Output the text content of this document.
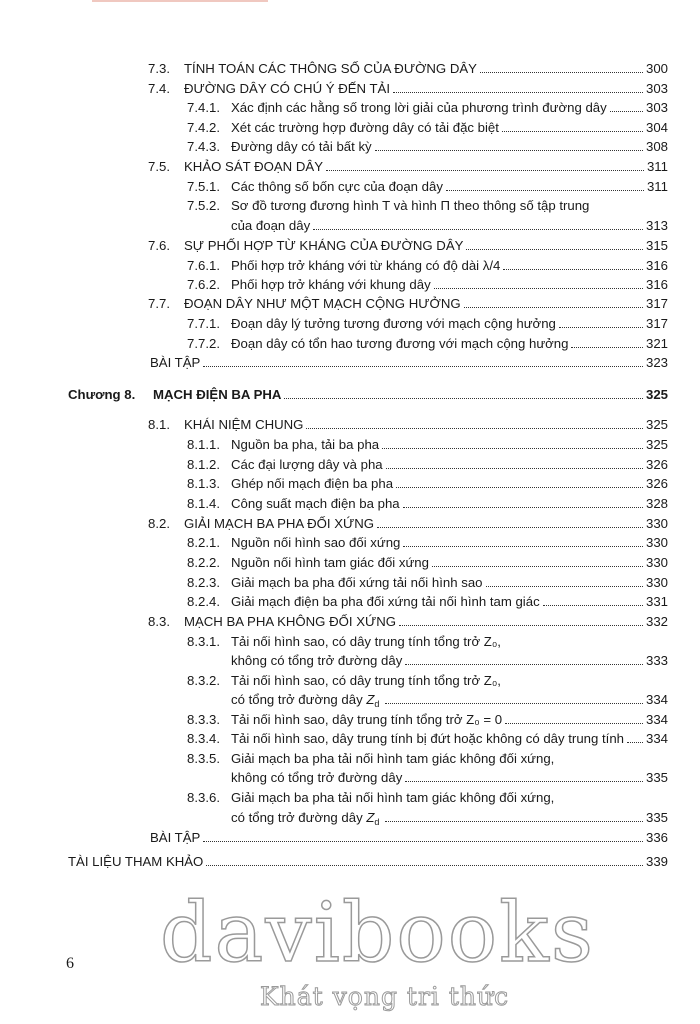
7.3. TÍNH TOÁN CÁC THÔNG SỐ CỦA ĐƯỜNG DÂY	300
7.4. ĐƯỜNG DÂY CÓ CHÚ Ý ĐẾN TẢI	303
7.4.1. Xác định các hằng số trong lời giải của phương trình đường dây	303
7.4.2. Xét các trường hợp đường dây có tải đặc biệt	304
7.4.3. Đường dây có tải bất kỳ	308
7.5. KHẢO SÁT ĐOẠN DÂY	311
7.5.1. Các thông số bốn cực của đoạn dây	311
7.5.2. Sơ đồ tương đương hình T và hình Π theo thông số tập trung
của đoạn dây	313
7.6. SỰ PHỐI HỢP TỪ KHÁNG CỦA ĐƯỜNG DÂY	315
7.6.1. Phối hợp trở kháng với từ kháng có độ dài λ/4	316
7.6.2. Phối hợp trở kháng với khung dây	316
7.7. ĐOẠN DÂY NHƯ MỘT MẠCH CỘNG HƯỞNG	317
7.7.1. Đoạn dây lý tưởng tương đương với mạch cộng hưởng	317
7.7.2. Đoạn dây có tổn hao tương đương với mạch cộng hưởng	321
BÀI TẬP	323
Chương 8. MẠCH ĐIỆN BA PHA	325
8.1. KHÁI NIỆM CHUNG	325
8.1.1. Nguồn ba pha, tải ba pha	325
8.1.2. Các đại lượng dây và pha	326
8.1.3. Ghép nối mạch điện ba pha	326
8.1.4. Công suất mạch điện ba pha	328
8.2. GIẢI MẠCH BA PHA ĐỐI XỨNG	330
8.2.1. Nguồn nối hình sao đối xứng	330
8.2.2. Nguồn nối hình tam giác đối xứng	330
8.2.3. Giải mạch ba pha đối xứng tải nối hình sao	330
8.2.4. Giải mạch điện ba pha đối xứng tải nối hình tam giác	331
8.3. MẠCH BA PHA KHÔNG ĐỐI XỨNG	332
8.3.1. Tải nối hình sao, có dây trung tính tổng trở Z₀,
không có tổng trở đường dây	333
8.3.2. Tải nối hình sao, có dây trung tính tổng trở Z₀,
có tổng trở đường dây $Z_d$	334
8.3.3. Tải nối hình sao, dây trung tính tổng trở Z₀ = 0	334
8.3.4. Tải nối hình sao, dây trung tính bị đứt hoặc không có dây trung tính 334
8.3.5. Giải mạch ba pha tải nối hình tam giác không đối xứng,
không có tổng trở đường dây	335
8.3.6. Giải mạch ba pha tải nối hình tam giác không đối xứng,
có tổng trở đường dây $Z_d$	335
BÀI TẬP	336
TÀI LIỆU THAM KHẢO	339
6 davibooks
Khát vọng tri thức
